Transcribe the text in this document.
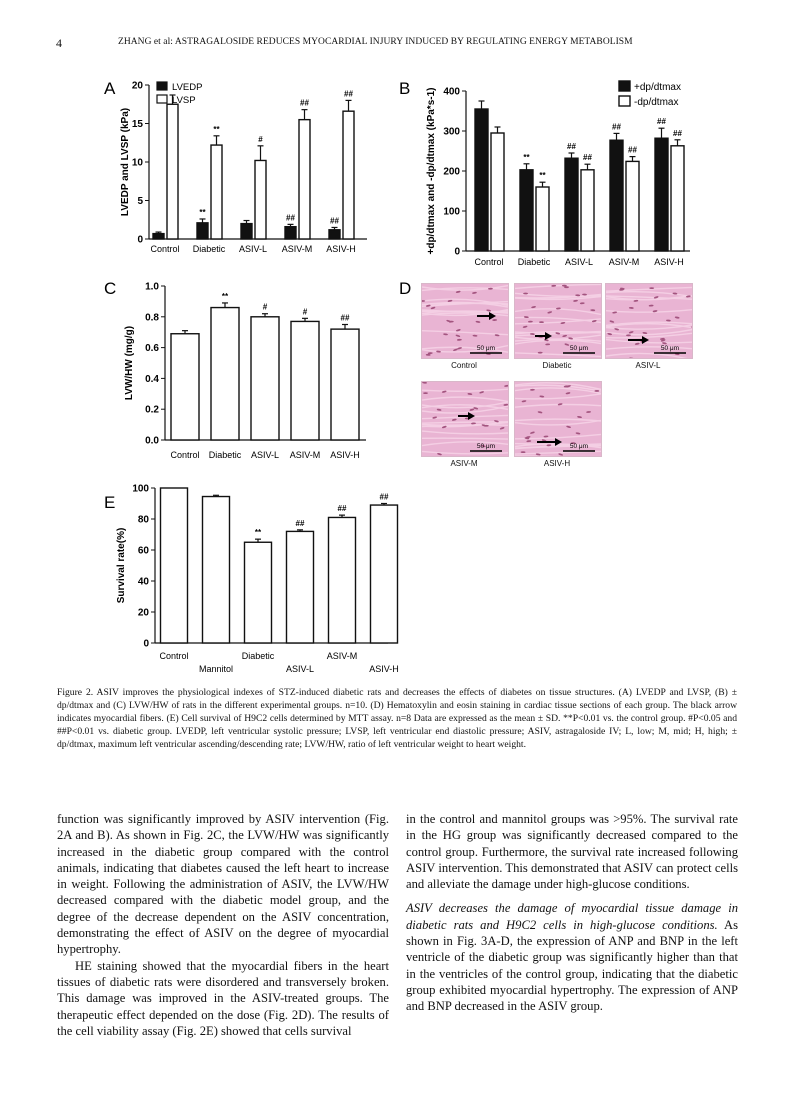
4	ZHANG et al: ASTRAGALOSIDE REDUCES MYOCARDIAL INJURY INDUCED BY REGULATING ENERGY METABOLISM
0
5
10
15
20
LVEDP and LVSP (kPa)
Control Diabetic ASIV-L ASIV-M ASIV-H
**
##	##
**
#
##
##
LVEDP
LVSP
0
100
200
300
400
+dp/dtmax and -dp/dtmax (kPa*s-1)
Control Diabetic ASIV-L ASIV-M ASIV-H
**
##
##
##
**
##
##
##
+dp/dtmax
-dp/dtmax
0.0
0.2
0.4
0.6
0.8
1.0
LVW/HW (mg/g)
Control Diabetic ASIV-L ASIV-M ASIV-H
**
#
#
##
0
20
40
60
80
100
Survival rate(%)
Control
Mannitol
Diabetic
ASIV-L
ASIV-M
ASIV-H
**
##
##
##
A	B
C	D
E
50 μm	50 μm	50 μm
50 μm	50 μm
Control	Diabetic	ASIV-L
ASIV-M	ASIV-H
Figure 2. ASIV improves the physiological indexes of STZ-induced diabetic rats and decreases the effects of diabetes on tissue structures. (A) LVEDP and LVSP, (B) ± dp/dtmax and (C) LVW/HW of rats in the different experimental groups. n=10. (D) Hematoxylin and eosin staining in cardiac tissue sections of each group. The black arrow indicates myocardial fibers. (E) Cell survival of H9C2 cells determined by MTT assay. n=8 Data are expressed as the mean ± SD. **P<0.01 vs. the control group. #P<0.05 and ##P<0.01 vs. diabetic group. LVEDP, left ventricular systolic pressure; LVSP, left ventricular end diastolic pressure; ASIV, astragaloside IV; L, low; M, mid; H, high; ± dp/dtmax, maximum left ventricular ascending/descending rate; LVW/HW, ratio of left ventricular weight to heart weight.

function was significantly improved by ASIV intervention (Fig. 2A and B). As shown in Fig. 2C, the LVW/HW was significantly increased in the diabetic group compared with the control animals, indicating that diabetes caused the left heart to increase in weight. Following the administration of ASIV, the LVW/HW decreased compared with the diabetic model group, and the degree of the decrease dependent on the ASIV concentration, demonstrating the effect of ASIV on the degree of myocardial hypertrophy.

HE staining showed that the myocardial fibers in the heart tissues of diabetic rats were disordered and transversely broken. This damage was improved in the ASIV-treated groups. The therapeutic effect depended on the dose (Fig. 2D). The results of the cell viability assay (Fig. 2E) showed that cells survival

in the control and mannitol groups was >95%. The survival rate in the HG group was significantly decreased compared to the control group. Furthermore, the survival rate increased following ASIV intervention. This demonstrated that ASIV can protect cells and alleviate the damage under high-glucose conditions.

ASIV decreases the damage of myocardial tissue damage in diabetic rats and H9C2 cells in high-glucose conditions. As shown in Fig. 3A-D, the expression of ANP and BNP in the left ventricle of the diabetic group was significantly higher than that in the ventricles of the control group, indicating that the diabetic group exhibited myocardial hypertrophy. The expression of ANP and BNP decreased in the ASIV group.
